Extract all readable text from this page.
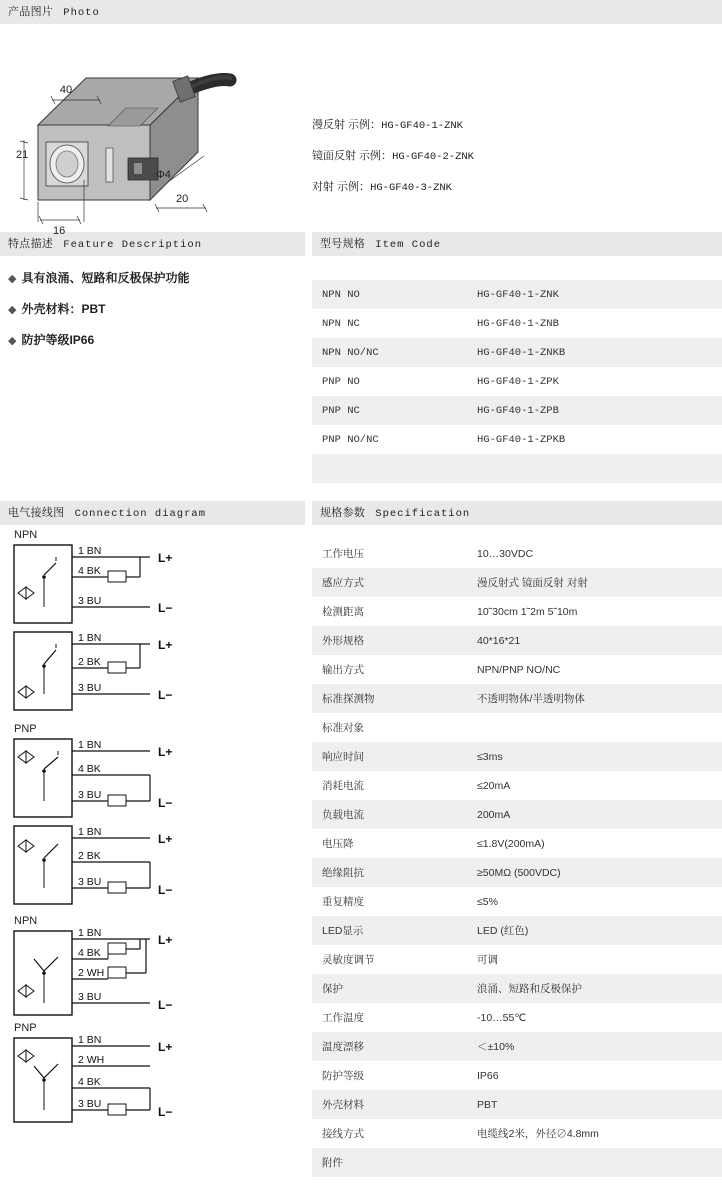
产品图片 Photo
40
21
16
20
Φ4
漫反射 示例：HG-GF40-1-ZNK
镜面反射 示例：HG-GF40-2-ZNK
对射 示例：HG-GF40-3-ZNK
特点描述 Feature Description
◆ 具有浪涌、短路和反极保护功能
◆ 外壳材料：PBT
◆ 防护等级IP66
型号规格 Item Code
NPN NO	HG-GF40-1-ZNK
NPN NC	HG-GF40-1-ZNB
NPN NO/NC	HG-GF40-1-ZNKB
PNP NO	HG-GF40-1-ZPK
PNP NC	HG-GF40-1-ZPB
PNP NO/NC	HG-GF40-1-ZPKB

电气接线图 Connection diagram
NPN
1 BN
4 BK
3 BU
L+
L−

1 BN
2 BK
3 BU
L+
L−
PNP
1 BN
4 BK
3 BU
L+
L−

1 BN
2 BK
3 BU
L+
L−
NPN
1 BN
4 BK
2 WH
3 BU
L+
L−
PNP
1 BN
2 WH
4 BK
3 BU
L+
L−
规格参数 Specification
工作电压	10…30VDC
感应方式	漫反射式 镜面反射 对射
检测距离	10˜30cm 1˜2m 5˜10m
外形规格	40*16*21
输出方式	NPN/PNP NO/NC
标准探测物	不透明物体/半透明物体
标准对象	
响应时间	≤3ms
消耗电流	≤20mA
负载电流	200mA
电压降	≤1.8V(200mA)
绝缘阻抗	≥50MΩ (500VDC)
重复精度	≤5%
LED显示	LED (红色)
灵敏度调节	可调
保护	浪涌、短路和反极保护
工作温度	-10…55℃
温度漂移	＜±10%
防护等级	IP66
外壳材料	PBT
接线方式	电缆线2米，外径∅4.8mm
附件	
